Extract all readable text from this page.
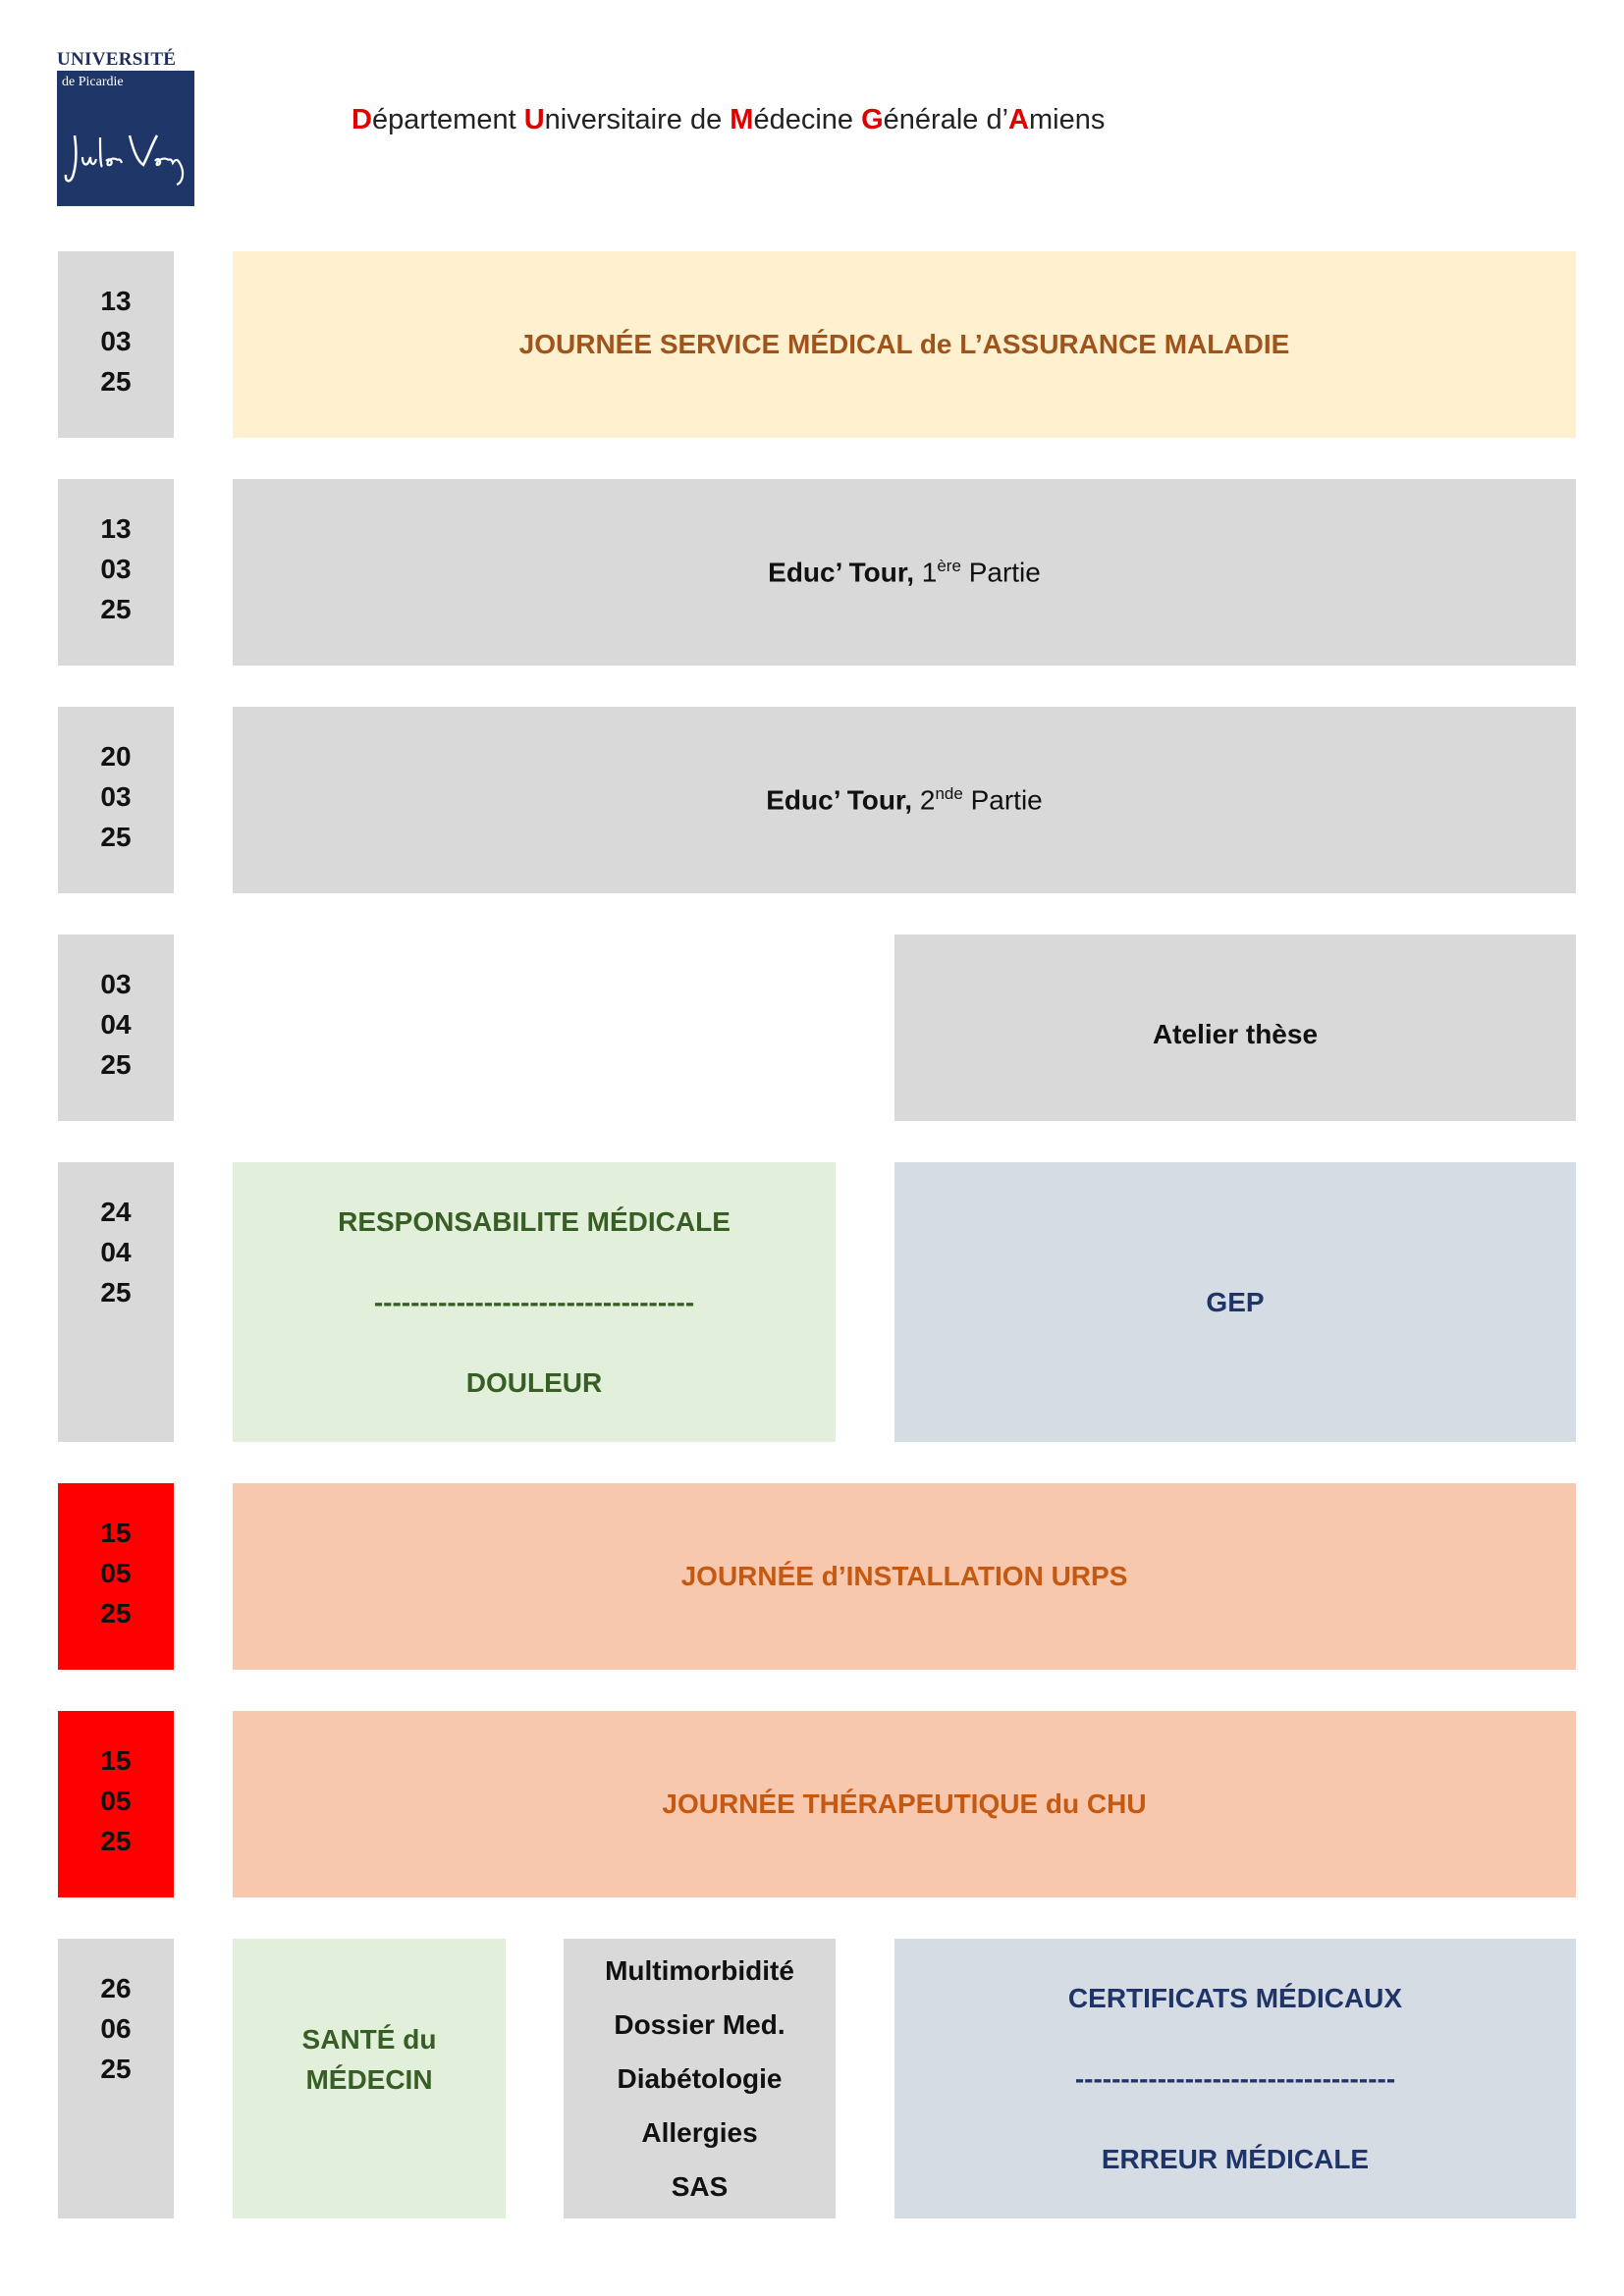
UNIVERSITÉ
de Picardie
Département Universitaire de Médecine Générale d’Amiens
13
03
25
JOURNÉE SERVICE MÉDICAL de L’ASSURANCE MALADIE
13
03
25
Educ’ Tour, 1ère Partie
20
03
25
Educ’ Tour, 2nde Partie
03
04
25
Atelier thèse
24
04
25
RESPONSABILITE MÉDICALE
-----------------------------------
DOULEUR
GEP
15
05
25
JOURNÉE d’INSTALLATION URPS
15
05
25
JOURNÉE THÉRAPEUTIQUE du CHU
26
06
25
SANTÉ du
MÉDECIN
Multimorbidité
Dossier Med.
Diabétologie
Allergies
SAS
CERTIFICATS MÉDICAUX
-----------------------------------
ERREUR MÉDICALE
